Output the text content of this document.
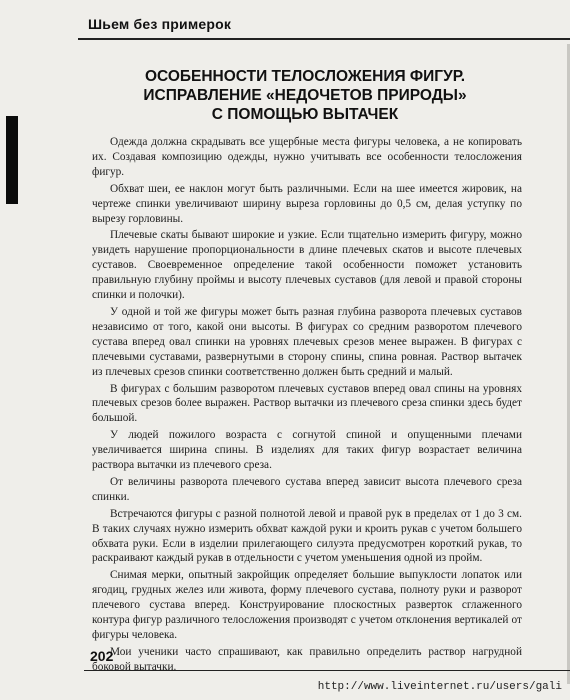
Шьем без примерок
ОСОБЕННОСТИ ТЕЛОСЛОЖЕНИЯ ФИГУР.
ИСПРАВЛЕНИЕ «НЕДОЧЕТОВ ПРИРОДЫ»
С ПОМОЩЬЮ ВЫТАЧЕК

Одежда должна скрадывать все ущербные места фигуры человека, а не копировать их. Создавая композицию одежды, нужно учитывать все особенности телосложения фигур.

Обхват шеи, ее наклон могут быть различными. Если на шее имеется жировик, на чертеже спинки увеличивают ширину выреза горловины до 0,5 см, делая уступку по вырезу горловины.

Плечевые скаты бывают широкие и узкие. Если тщательно измерить фигуру, можно увидеть нарушение пропорциональности в длине плечевых скатов и высоте плечевых суставов. Своевременное определение такой особенности поможет установить правильную глубину проймы и высоту плечевых суставов (для левой и правой стороны спинки и полочки).

У одной и той же фигуры может быть разная глубина разворота плечевых суставов независимо от того, какой они высоты. В фигурах со средним разворотом плечевого сустава вперед овал спинки на уровнях плечевых срезов менее выражен. В фигурах с плечевыми суставами, развернутыми в сторону спины, спина ровная. Раствор вытачек из плечевых срезов спинки соответственно должен быть средний и малый.

В фигурах с большим разворотом плечевых суставов вперед овал спины на уровнях плечевых срезов более выражен. Раствор вытачки из плечевого среза спинки здесь будет большой.

У людей пожилого возраста с согнутой спиной и опущенными плечами увеличивается ширина спины. В изделиях для таких фигур возрастает величина раствора вытачки из плечевого среза.

От величины разворота плечевого сустава вперед зависит высота плечевого среза спинки.

Встречаются фигуры с разной полнотой левой и правой рук в пределах от 1 до 3 см. В таких случаях нужно измерить обхват каждой руки и кроить рукав с учетом большего обхвата руки. Если в изделии прилегающего силуэта предусмотрен короткий рукав, то раскраивают каждый рукав в отдельности с учетом уменьшения одной из пройм.

Снимая мерки, опытный закройщик определяет большие выпуклости лопаток или ягодиц, грудных желез или живота, форму плечевого сустава, полноту руки и разворот плечевого сустава вперед. Конструирование плоскостных разверток сглаженного контура фигур различного телосложения производят с учетом отклонения вертикалей от фигуры человека.

Мои ученики часто спрашивают, как правильно определить раствор нагрудной боковой вытачки.

202
http://www.liveinternet.ru/users/gali
